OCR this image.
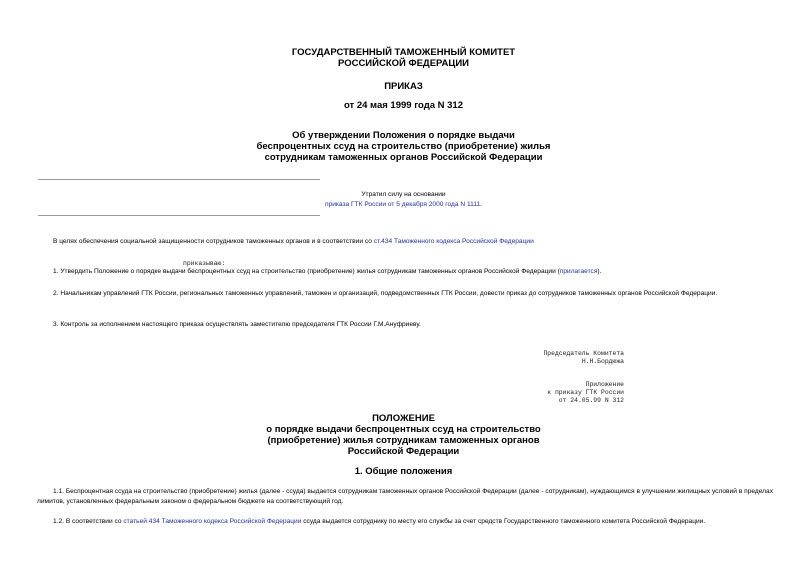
ГОСУДАРСТВЕННЫЙ ТАМОЖЕННЫЙ КОМИТЕТ
РОССИЙСКОЙ ФЕДЕРАЦИИ
ПРИКАЗ
от 24 мая 1999 года N 312
Об утверждении Положения о порядке выдачи
беспроцентных ссуд на строительство (приобретение) жилья
сотрудникам таможенных органов Российской Федерации
Утратил силу на основании
приказа ГТК России от 5 декабря 2000 года N 1111.
В целях обеспечения социальной защищенности сотрудников таможенных органов и в соответствии со ст.434 Таможенного кодекса Российской Федерации
приказываю:
1. Утвердить Положение о порядке выдачи беспроцентных ссуд на строительство (приобретение) жилья сотрудникам таможенных органов Российской Федерации (прилагается).
2. Начальникам управлений ГТК России, региональных таможенных управлений, таможен и организаций, подведомственных ГТК России, довести приказ до сотрудников таможенных органов Российской Федерации.
3. Контроль за исполнением настоящего приказа осуществлять заместителю председателя ГТК России Г.М.Ануфриеву.
Председатель Комитета
Н.Н.Бордюжа
Приложение
к приказу ГТК России
от 24.05.99 N 312
ПОЛОЖЕНИЕ
о порядке выдачи беспроцентных ссуд на строительство
(приобретение) жилья сотрудникам таможенных органов
Российской Федерации
1. Общие положения
1.1. Беспроцентная ссуда на строительство (приобретение) жилья (далее - ссуда) выдается сотрудникам таможенных органов Российской Федерации (далее - сотрудникам), нуждающимся в улучшении жилищных условий в пределах лимитов, установленных федеральным законом о федеральном бюджете на соответствующий год.
1.2. В соответствии со статьей 434 Таможенного кодекса Российской Федерации ссуда выдается сотруднику по месту его службы за счет средств Государственного таможенного комитета Российской Федерации.
